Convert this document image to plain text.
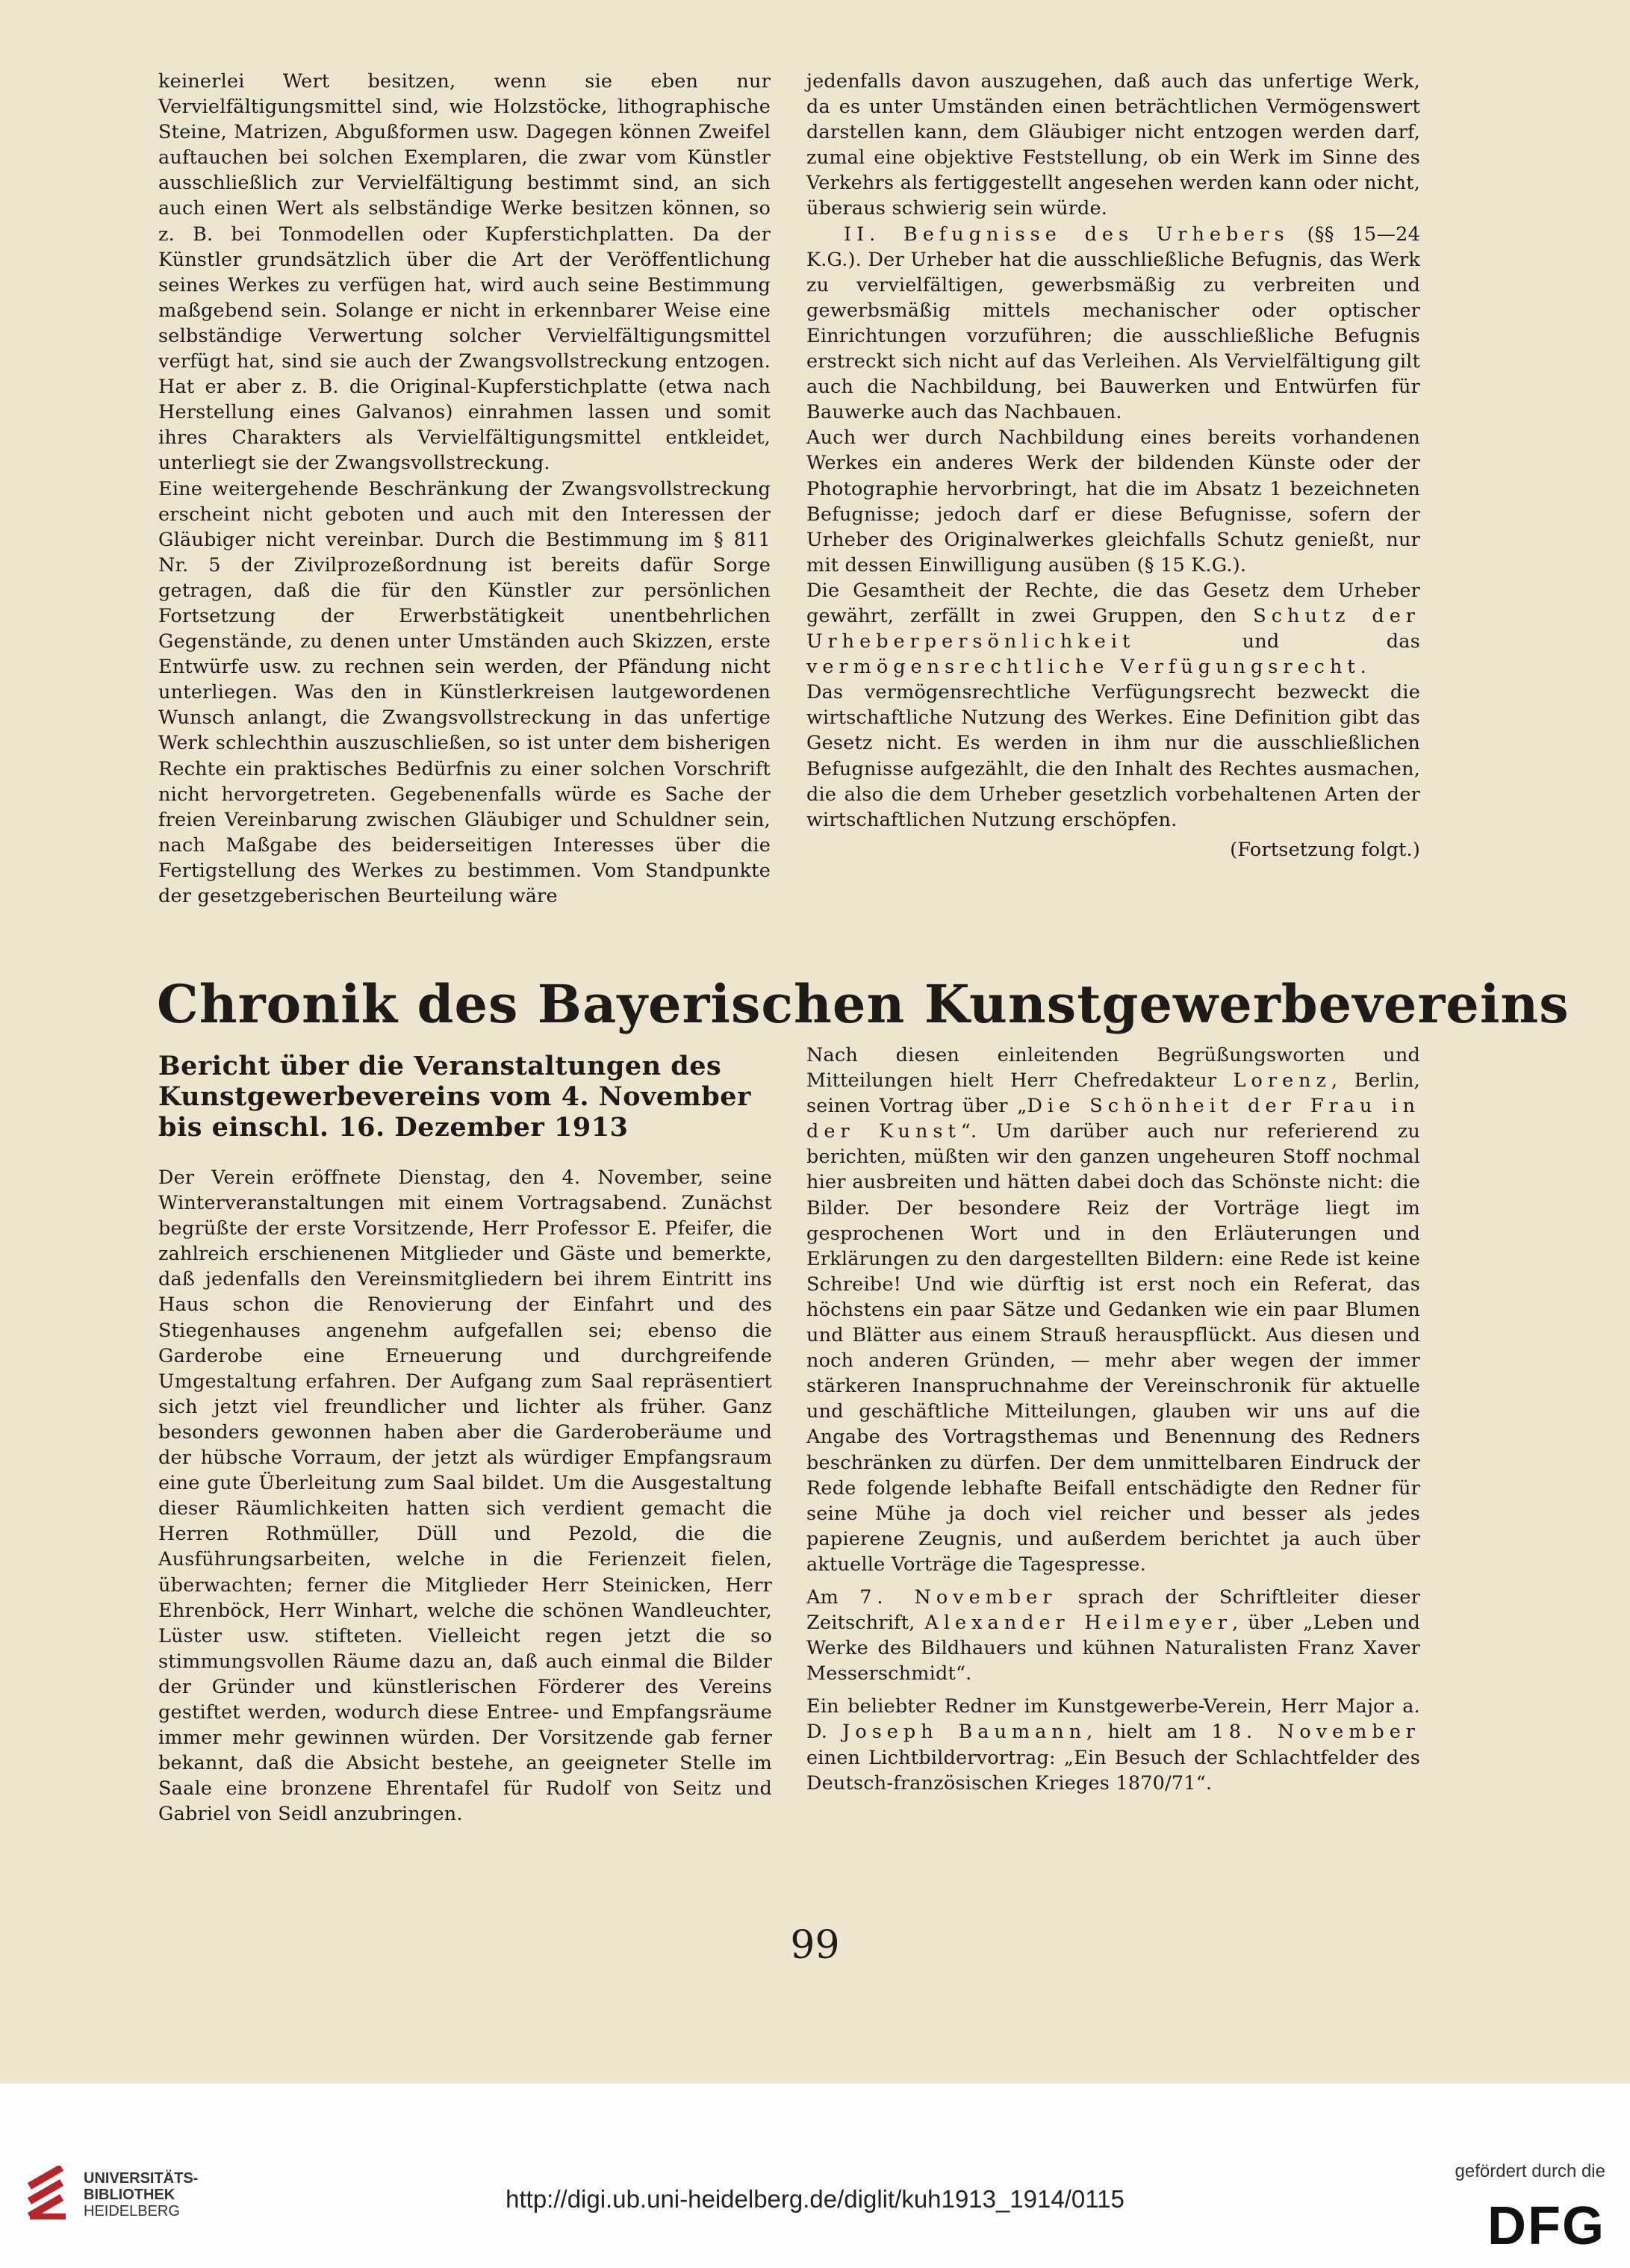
keinerlei Wert besitzen, wenn sie eben nur Vervielfältigungsmittel sind, wie Holzstöcke, lithographische Steine, Matrizen, Abgußformen usw. Dagegen können Zweifel auftauchen bei solchen Exemplaren, die zwar vom Künstler ausschließlich zur Vervielfältigung bestimmt sind, an sich auch einen Wert als selbständige Werke besitzen können, so z. B. bei Tonmodellen oder Kupferstichplatten. Da der Künstler grundsätzlich über die Art der Veröffentlichung seines Werkes zu verfügen hat, wird auch seine Bestimmung maßgebend sein. Solange er nicht in erkennbarer Weise eine selbständige Verwertung solcher Vervielfältigungsmittel verfügt hat, sind sie auch der Zwangsvollstreckung entzogen. Hat er aber z. B. die Original-Kupferstichplatte (etwa nach Herstellung eines Galvanos) einrahmen lassen und somit ihres Charakters als Vervielfältigungsmittel entkleidet, unterliegt sie der Zwangsvollstreckung.

Eine weitergehende Beschränkung der Zwangsvollstreckung erscheint nicht geboten und auch mit den Interessen der Gläubiger nicht vereinbar. Durch die Bestimmung im § 811 Nr. 5 der Zivilprozeßordnung ist bereits dafür Sorge getragen, daß die für den Künstler zur persönlichen Fortsetzung der Erwerbstätigkeit unentbehrlichen Gegenstände, zu denen unter Umständen auch Skizzen, erste Entwürfe usw. zu rechnen sein werden, der Pfändung nicht unterliegen. Was den in Künstlerkreisen lautgewordenen Wunsch anlangt, die Zwangsvollstreckung in das unfertige Werk schlechthin auszuschließen, so ist unter dem bisherigen Rechte ein praktisches Bedürfnis zu einer solchen Vorschrift nicht hervorgetreten. Gegebenenfalls würde es Sache der freien Vereinbarung zwischen Gläubiger und Schuldner sein, nach Maßgabe des beiderseitigen Interesses über die Fertigstellung des Werkes zu bestimmen. Vom Standpunkte der gesetzgeberischen Beurteilung wäre

jedenfalls davon auszugehen, daß auch das unfertige Werk, da es unter Umständen einen beträchtlichen Vermögenswert darstellen kann, dem Gläubiger nicht entzogen werden darf, zumal eine objektive Feststellung, ob ein Werk im Sinne des Verkehrs als fertiggestellt angesehen werden kann oder nicht, überaus schwierig sein würde.

II. Befugnisse des Urhebers (§§ 15—24 K.G.). Der Urheber hat die ausschließliche Befugnis, das Werk zu vervielfältigen, gewerbsmäßig zu verbreiten und gewerbsmäßig mittels mechanischer oder optischer Einrichtungen vorzuführen; die ausschließliche Befugnis erstreckt sich nicht auf das Verleihen. Als Vervielfältigung gilt auch die Nachbildung, bei Bauwerken und Entwürfen für Bauwerke auch das Nachbauen.

Auch wer durch Nachbildung eines bereits vorhandenen Werkes ein anderes Werk der bildenden Künste oder der Photographie hervorbringt, hat die im Absatz 1 bezeichneten Befugnisse; jedoch darf er diese Befugnisse, sofern der Urheber des Originalwerkes gleichfalls Schutz genießt, nur mit dessen Einwilligung ausüben (§ 15 K.G.).

Die Gesamtheit der Rechte, die das Gesetz dem Urheber gewährt, zerfällt in zwei Gruppen, den Schutz der Urheberpersönlichkeit und das vermögensrechtliche Verfügungsrecht.

Das vermögensrechtliche Verfügungsrecht bezweckt die wirtschaftliche Nutzung des Werkes. Eine Definition gibt das Gesetz nicht. Es werden in ihm nur die ausschließlichen Befugnisse aufgezählt, die den Inhalt des Rechtes ausmachen, die also die dem Urheber gesetzlich vorbehaltenen Arten der wirtschaftlichen Nutzung erschöpfen.

(Fortsetzung folgt.)

Chronik des Bayerischen Kunstgewerbevereins
Bericht über die Veranstaltungen des Kunstgewerbevereins vom 4. November bis einschl. 16. Dezember 1913

Der Verein eröffnete Dienstag, den 4. November, seine Winterveranstaltungen mit einem Vortragsabend. Zunächst begrüßte der erste Vorsitzende, Herr Professor E. Pfeifer, die zahlreich erschienenen Mitglieder und Gäste und bemerkte, daß jedenfalls den Vereinsmitgliedern bei ihrem Eintritt ins Haus schon die Renovierung der Einfahrt und des Stiegenhauses angenehm aufgefallen sei; ebenso die Garderobe eine Erneuerung und durchgreifende Umgestaltung erfahren. Der Aufgang zum Saal repräsentiert sich jetzt viel freundlicher und lichter als früher. Ganz besonders gewonnen haben aber die Garderoberäume und der hübsche Vorraum, der jetzt als würdiger Empfangsraum eine gute Überleitung zum Saal bildet. Um die Ausgestaltung dieser Räumlichkeiten hatten sich verdient gemacht die Herren Rothmüller, Düll und Pezold, die die Ausführungsarbeiten, welche in die Ferienzeit fielen, überwachten; ferner die Mitglieder Herr Steinicken, Herr Ehrenböck, Herr Winhart, welche die schönen Wandleuchter, Lüster usw. stifteten. Vielleicht regen jetzt die so stimmungsvollen Räume dazu an, daß auch einmal die Bilder der Gründer und künstlerischen Förderer des Vereins gestiftet werden, wodurch diese Entree- und Empfangsräume immer mehr gewinnen würden. Der Vorsitzende gab ferner bekannt, daß die Absicht bestehe, an geeigneter Stelle im Saale eine bronzene Ehrentafel für Rudolf von Seitz und Gabriel von Seidl anzubringen.

Nach diesen einleitenden Begrüßungsworten und Mitteilungen hielt Herr Chefredakteur Lorenz, Berlin, seinen Vortrag über „Die Schönheit der Frau in der Kunst“. Um darüber auch nur referierend zu berichten, müßten wir den ganzen ungeheuren Stoff nochmal hier ausbreiten und hätten dabei doch das Schönste nicht: die Bilder. Der besondere Reiz der Vorträge liegt im gesprochenen Wort und in den Erläuterungen und Erklärungen zu den dargestellten Bildern: eine Rede ist keine Schreibe! Und wie dürftig ist erst noch ein Referat, das höchstens ein paar Sätze und Gedanken wie ein paar Blumen und Blätter aus einem Strauß herauspflückt. Aus diesen und noch anderen Gründen, — mehr aber wegen der immer stärkeren Inanspruchnahme der Vereinschronik für aktuelle und geschäftliche Mitteilungen, glauben wir uns auf die Angabe des Vortragsthemas und Benennung des Redners beschränken zu dürfen. Der dem unmittelbaren Eindruck der Rede folgende lebhafte Beifall entschädigte den Redner für seine Mühe ja doch viel reicher und besser als jedes papierene Zeugnis, und außerdem berichtet ja auch über aktuelle Vorträge die Tagespresse.

Am 7. November sprach der Schriftleiter dieser Zeitschrift, Alexander Heilmeyer, über „Leben und Werke des Bildhauers und kühnen Naturalisten Franz Xaver Messerschmidt“.

Ein beliebter Redner im Kunstgewerbe-Verein, Herr Major a. D. Joseph Baumann, hielt am 18. November einen Lichtbildervortrag: „Ein Besuch der Schlachtfelder des Deutsch-französischen Krieges 1870/71“.

99
UNIVERSITÄTS-
BIBLIOTHEK
HEIDELBERG	http://digi.ub.uni-heidelberg.de/diglit/kuh1913_1914/0115
gefördert durch die
DFG
